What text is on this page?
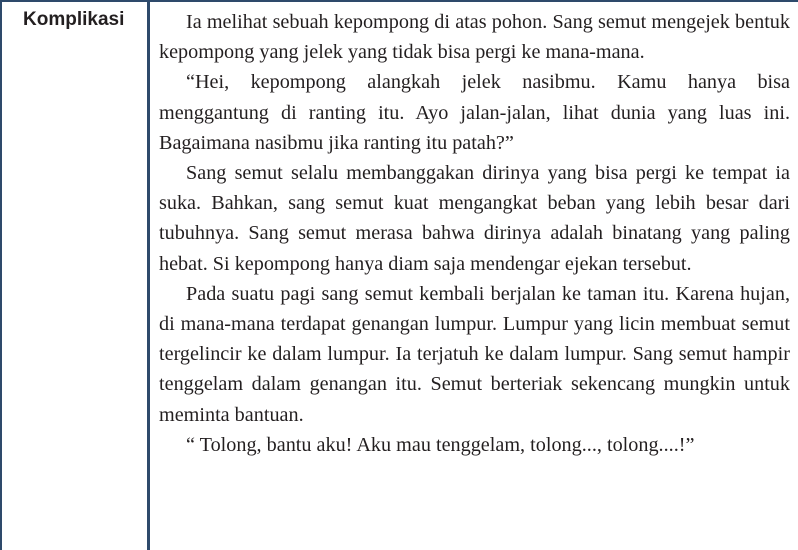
Komplikasi	Ia melihat sebuah kepompong di atas pohon. Sang semut mengejek bentuk kepompong yang jelek yang tidak bisa pergi ke mana-mana.

“Hei, kepompong alangkah jelek nasibmu. Kamu hanya bisa menggantung di ranting itu. Ayo jalan-jalan, lihat dunia yang luas ini. Bagaimana nasibmu jika ranting itu patah?”

Sang semut selalu membanggakan dirinya yang bisa pergi ke tempat ia suka. Bahkan, sang semut kuat mengangkat beban yang lebih besar dari tubuhnya. Sang semut merasa bahwa dirinya adalah binatang yang paling hebat. Si kepompong hanya diam saja mendengar ejekan tersebut.

Pada suatu pagi sang semut kembali berjalan ke taman itu. Karena hujan, di mana-mana terdapat genangan lumpur. Lumpur yang licin membuat semut tergelincir ke dalam lumpur. Ia terjatuh ke dalam lumpur. Sang semut hampir tenggelam dalam genangan itu. Semut berteriak sekencang mungkin untuk meminta bantuan.

“ Tolong, bantu aku! Aku mau tenggelam, tolong..., tolong....!”
